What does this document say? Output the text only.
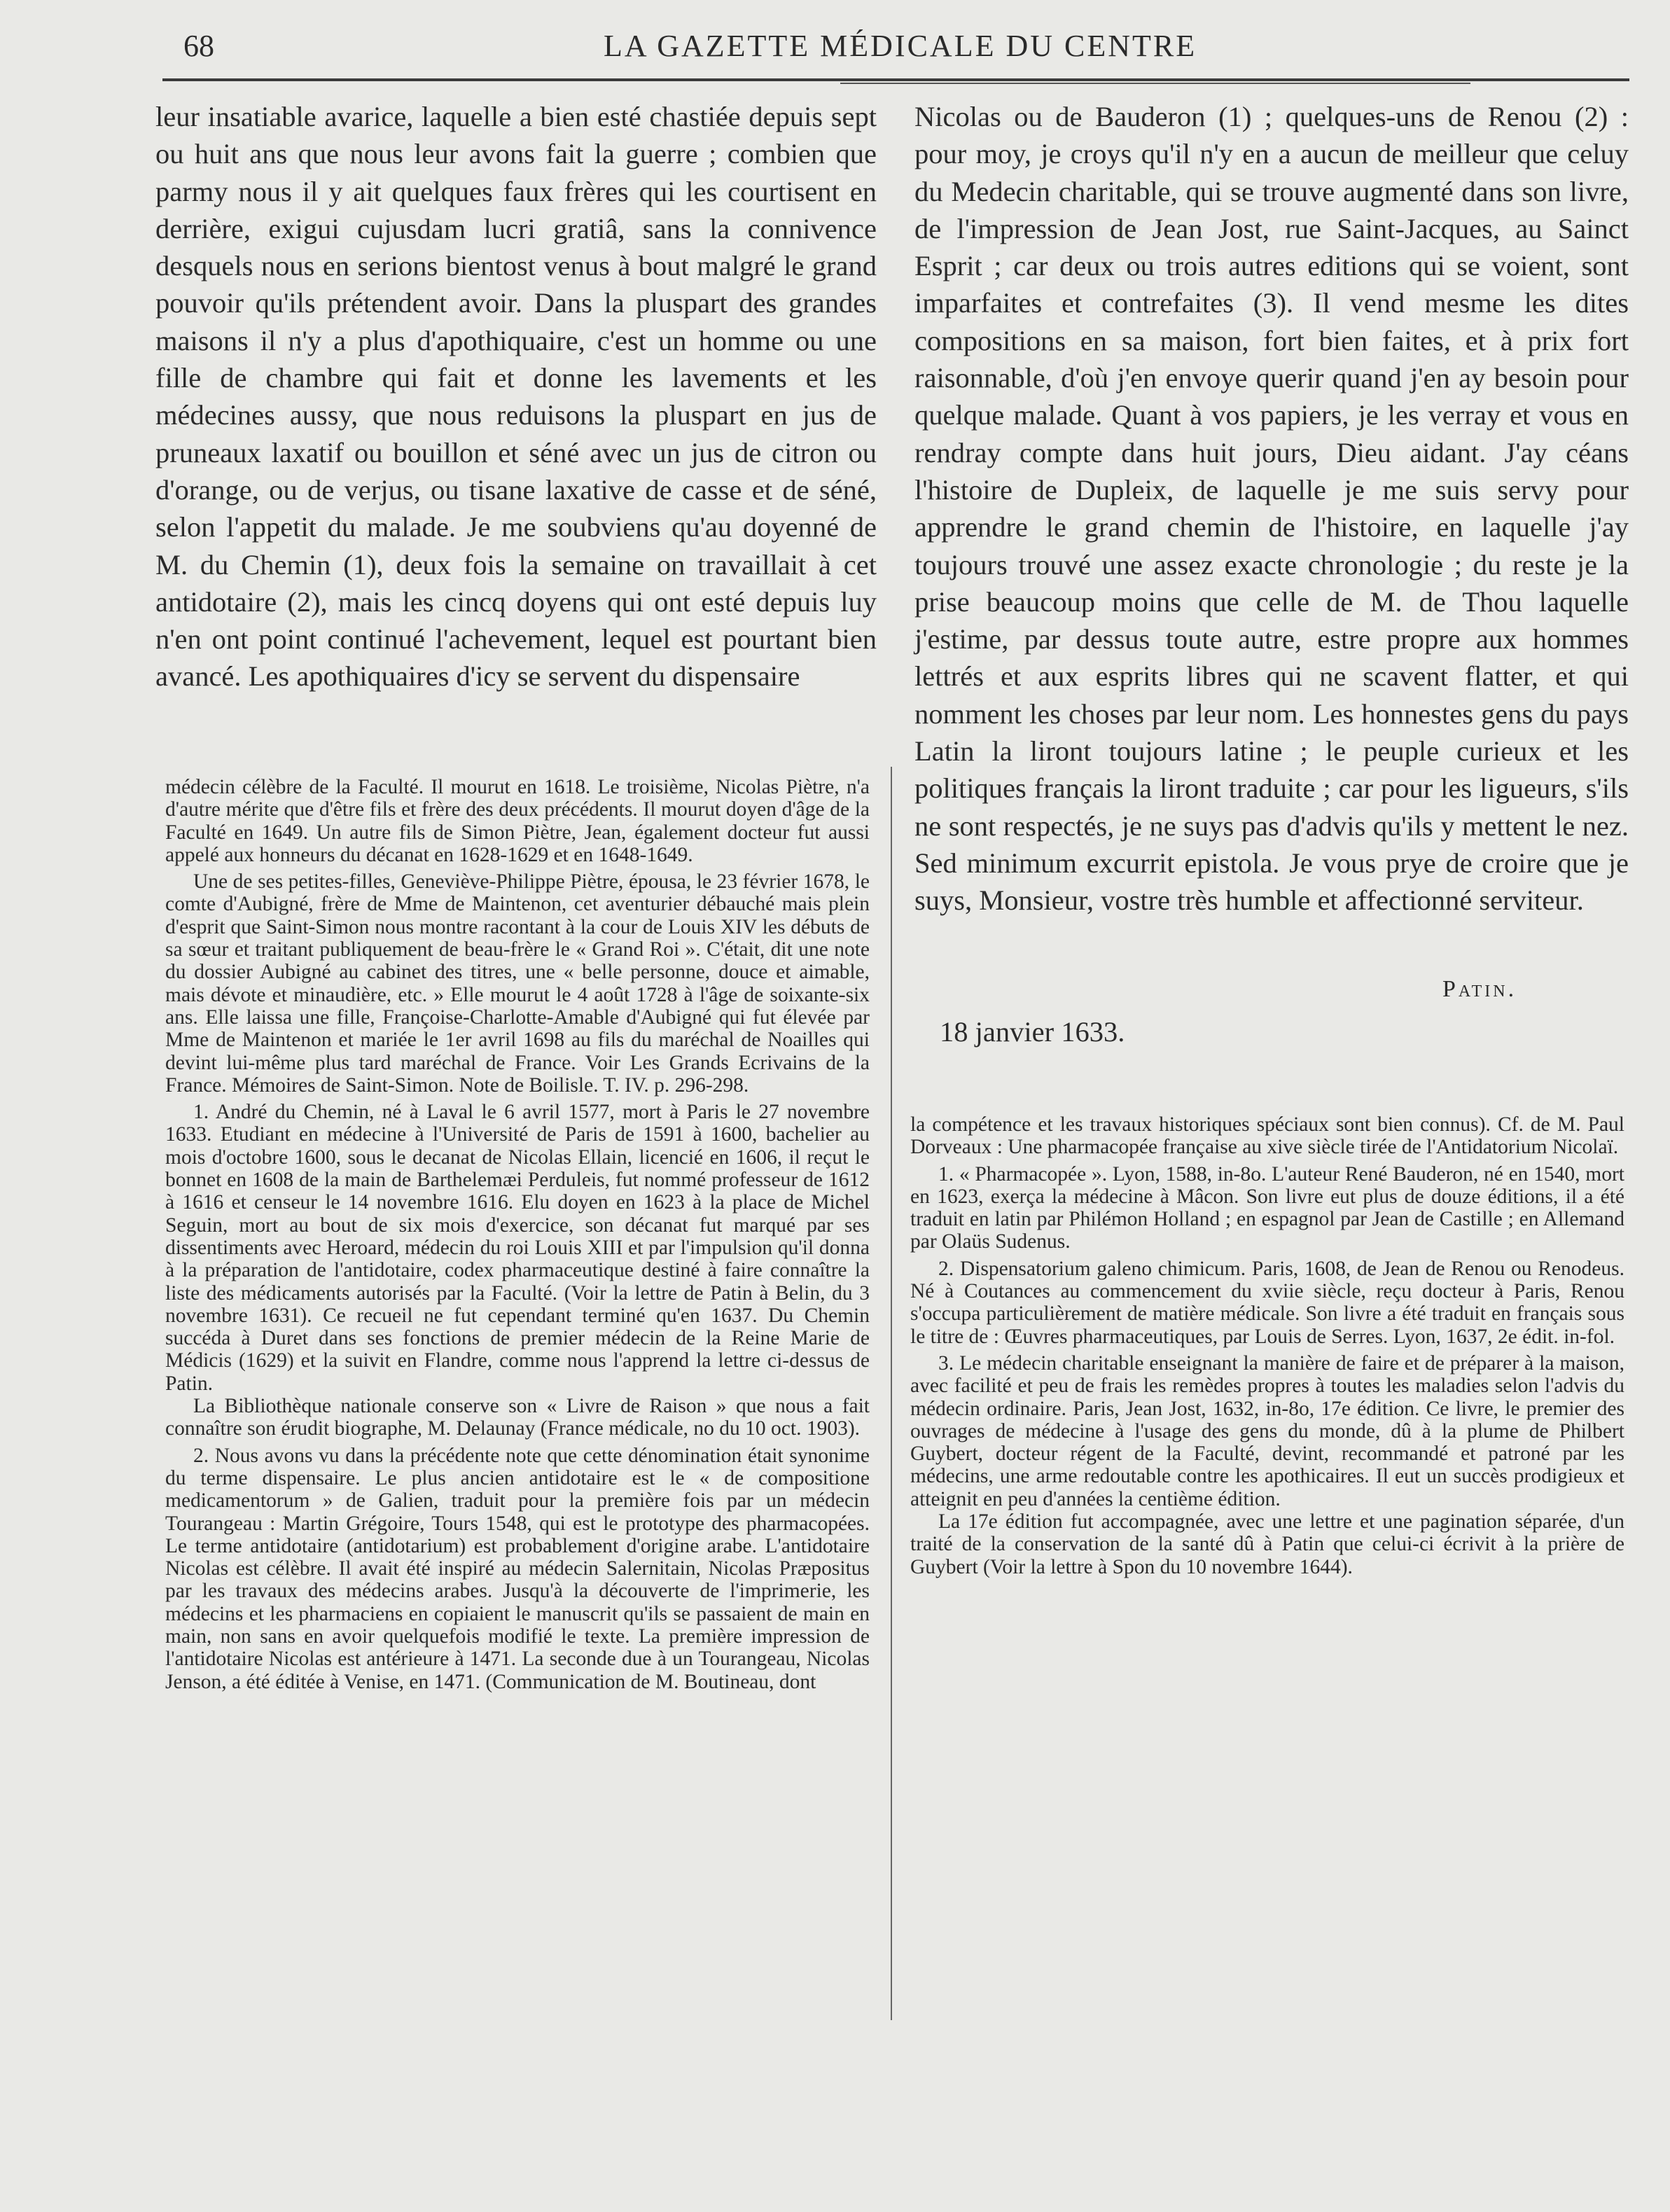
68	LA GAZETTE MÉDICALE DU CENTRE

leur insatiable avarice, laquelle a bien esté chastiée depuis sept ou huit ans que nous leur avons fait la guerre ; combien que parmy nous il y ait quelques faux frères qui les courtisent en derrière, exigui cujusdam lucri gratiâ, sans la connivence desquels nous en serions bientost venus à bout malgré le grand pouvoir qu'ils prétendent avoir. Dans la pluspart des grandes maisons il n'y a plus d'apothiquaire, c'est un homme ou une fille de chambre qui fait et donne les lavements et les médecines aussy, que nous reduisons la pluspart en jus de pruneaux laxatif ou bouillon et séné avec un jus de citron ou d'orange, ou de verjus, ou tisane laxative de casse et de séné, selon l'appetit du malade. Je me soubviens qu'au doyenné de M. du Chemin (1), deux fois la semaine on travaillait à cet antidotaire (2), mais les cincq doyens qui ont esté depuis luy n'en ont point continué l'achevement, lequel est pourtant bien avancé. Les apothiquaires d'icy se servent du dispensaire

Nicolas ou de Bauderon (1) ; quelques-uns de Renou (2) : pour moy, je croys qu'il n'y en a aucun de meilleur que celuy du Medecin charitable, qui se trouve augmenté dans son livre, de l'impression de Jean Jost, rue Saint-Jacques, au Sainct Esprit ; car deux ou trois autres editions qui se voient, sont imparfaites et contrefaites (3). Il vend mesme les dites compositions en sa maison, fort bien faites, et à prix fort raisonnable, d'où j'en envoye querir quand j'en ay besoin pour quelque malade. Quant à vos papiers, je les verray et vous en rendray compte dans huit jours, Dieu aidant. J'ay céans l'histoire de Dupleix, de laquelle je me suis servy pour apprendre le grand chemin de l'histoire, en laquelle j'ay toujours trouvé une assez exacte chronologie ; du reste je la prise beaucoup moins que celle de M. de Thou laquelle j'estime, par dessus toute autre, estre propre aux hommes lettrés et aux esprits libres qui ne scavent flatter, et qui nomment les choses par leur nom. Les honnestes gens du pays Latin la liront toujours latine ; le peuple curieux et les politiques français la liront traduite ; car pour les ligueurs, s'ils ne sont respectés, je ne suys pas d'advis qu'ils y mettent le nez. Sed minimum excurrit epistola. Je vous prye de croire que je suys, Monsieur, vostre très humble et affectionné serviteur.

Patin.
18 janvier 1633.

médecin célèbre de la Faculté. Il mourut en 1618. Le troisième, Nicolas Piètre, n'a d'autre mérite que d'être fils et frère des deux précédents. Il mourut doyen d'âge de la Faculté en 1649. Un autre fils de Simon Piètre, Jean, également docteur fut aussi appelé aux honneurs du décanat en 1628-1629 et en 1648-1649.

Une de ses petites-filles, Geneviève-Philippe Piètre, épousa, le 23 février 1678, le comte d'Aubigné, frère de Mme de Maintenon, cet aventurier débauché mais plein d'esprit que Saint-Simon nous montre racontant à la cour de Louis XIV les débuts de sa sœur et traitant publiquement de beau-frère le « Grand Roi ». C'était, dit une note du dossier Aubigné au cabinet des titres, une « belle personne, douce et aimable, mais dévote et minaudière, etc. » Elle mourut le 4 août 1728 à l'âge de soixante-six ans. Elle laissa une fille, Françoise-Charlotte-Amable d'Aubigné qui fut élevée par Mme de Maintenon et mariée le 1er avril 1698 au fils du maréchal de Noailles qui devint lui-même plus tard maréchal de France. Voir Les Grands Ecrivains de la France. Mémoires de Saint-Simon. Note de Boilisle. T. IV. p. 296-298.

1. André du Chemin, né à Laval le 6 avril 1577, mort à Paris le 27 novembre 1633. Etudiant en médecine à l'Université de Paris de 1591 à 1600, bachelier au mois d'octobre 1600, sous le decanat de Nicolas Ellain, licencié en 1606, il reçut le bonnet en 1608 de la main de Barthelemæi Perduleis, fut nommé professeur de 1612 à 1616 et censeur le 14 novembre 1616. Elu doyen en 1623 à la place de Michel Seguin, mort au bout de six mois d'exercice, son décanat fut marqué par ses dissentiments avec Heroard, médecin du roi Louis XIII et par l'impulsion qu'il donna à la préparation de l'antidotaire, codex pharmaceutique destiné à faire connaître la liste des médicaments autorisés par la Faculté. (Voir la lettre de Patin à Belin, du 3 novembre 1631). Ce recueil ne fut cependant terminé qu'en 1637. Du Chemin succéda à Duret dans ses fonctions de premier médecin de la Reine Marie de Médicis (1629) et la suivit en Flandre, comme nous l'apprend la lettre ci-dessus de Patin.

La Bibliothèque nationale conserve son « Livre de Raison » que nous a fait connaître son érudit biographe, M. Delaunay (France médicale, no du 10 oct. 1903).

2. Nous avons vu dans la précédente note que cette dénomination était synonime du terme dispensaire. Le plus ancien antidotaire est le « de compositione medicamentorum » de Galien, traduit pour la première fois par un médecin Tourangeau : Martin Grégoire, Tours 1548, qui est le prototype des pharmacopées. Le terme antidotaire (antidotarium) est probablement d'origine arabe. L'antidotaire Nicolas est célèbre. Il avait été inspiré au médecin Salernitain, Nicolas Præpositus par les travaux des médecins arabes. Jusqu'à la découverte de l'imprimerie, les médecins et les pharmaciens en copiaient le manuscrit qu'ils se passaient de main en main, non sans en avoir quelquefois modifié le texte. La première impression de l'antidotaire Nicolas est antérieure à 1471. La seconde due à un Tourangeau, Nicolas Jenson, a été éditée à Venise, en 1471. (Communication de M. Boutineau, dont

la compétence et les travaux historiques spéciaux sont bien connus). Cf. de M. Paul Dorveaux : Une pharmacopée française au xive siècle tirée de l'Antidatorium Nicolaï.

1. « Pharmacopée ». Lyon, 1588, in-8o. L'auteur René Bauderon, né en 1540, mort en 1623, exerça la médecine à Mâcon. Son livre eut plus de douze éditions, il a été traduit en latin par Philémon Holland ; en espagnol par Jean de Castille ; en Allemand par Olaüs Sudenus.

2. Dispensatorium galeno chimicum. Paris, 1608, de Jean de Renou ou Renodeus. Né à Coutances au commencement du xviie siècle, reçu docteur à Paris, Renou s'occupa particulièrement de matière médicale. Son livre a été traduit en français sous le titre de : Œuvres pharmaceutiques, par Louis de Serres. Lyon, 1637, 2e édit. in-fol.

3. Le médecin charitable enseignant la manière de faire et de préparer à la maison, avec facilité et peu de frais les remèdes propres à toutes les maladies selon l'advis du médecin ordinaire. Paris, Jean Jost, 1632, in-8o, 17e édition. Ce livre, le premier des ouvrages de médecine à l'usage des gens du monde, dû à la plume de Philbert Guybert, docteur régent de la Faculté, devint, recommandé et patroné par les médecins, une arme redoutable contre les apothicaires. Il eut un succès prodigieux et atteignit en peu d'années la centième édition.

La 17e édition fut accompagnée, avec une lettre et une pagination séparée, d'un traité de la conservation de la santé dû à Patin que celui-ci écrivit à la prière de Guybert (Voir la lettre à Spon du 10 novembre 1644).
